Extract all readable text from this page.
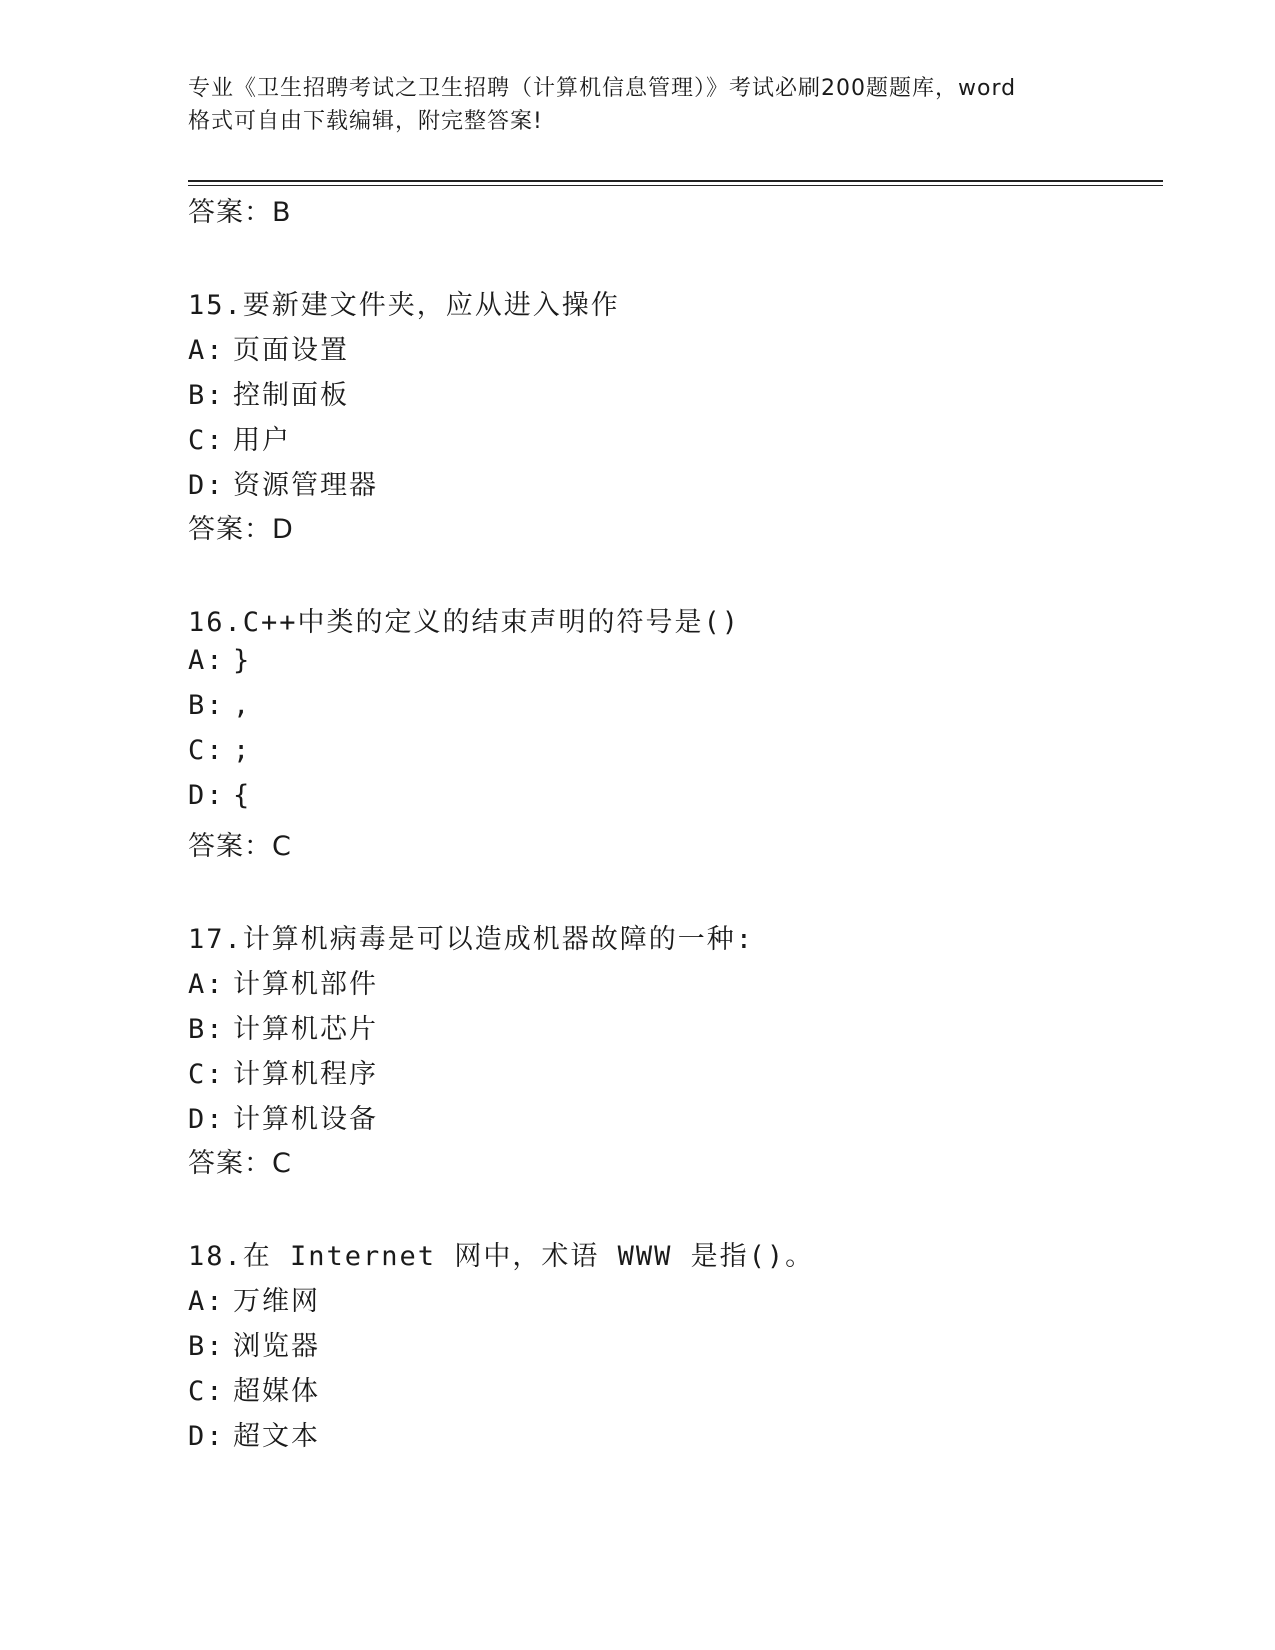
专业《卫生招聘考试之卫生招聘（计算机信息管理）》考试必刷200题题库，word
格式可自由下载编辑，附完整答案!
答案：B
15.要新建文件夹，应从进入操作
A: 页面设置
B: 控制面板
C: 用户
D: 资源管理器
答案：D
16.C++中类的定义的结束声明的符号是()
A: }
B: ,
C: ;
D: {
答案：C
17.计算机病毒是可以造成机器故障的一种:
A: 计算机部件
B: 计算机芯片
C: 计算机程序
D: 计算机设备
答案：C
18.在 Internet 网中，术语 WWW 是指()。
A: 万维网
B: 浏览器
C: 超媒体
D: 超文本
